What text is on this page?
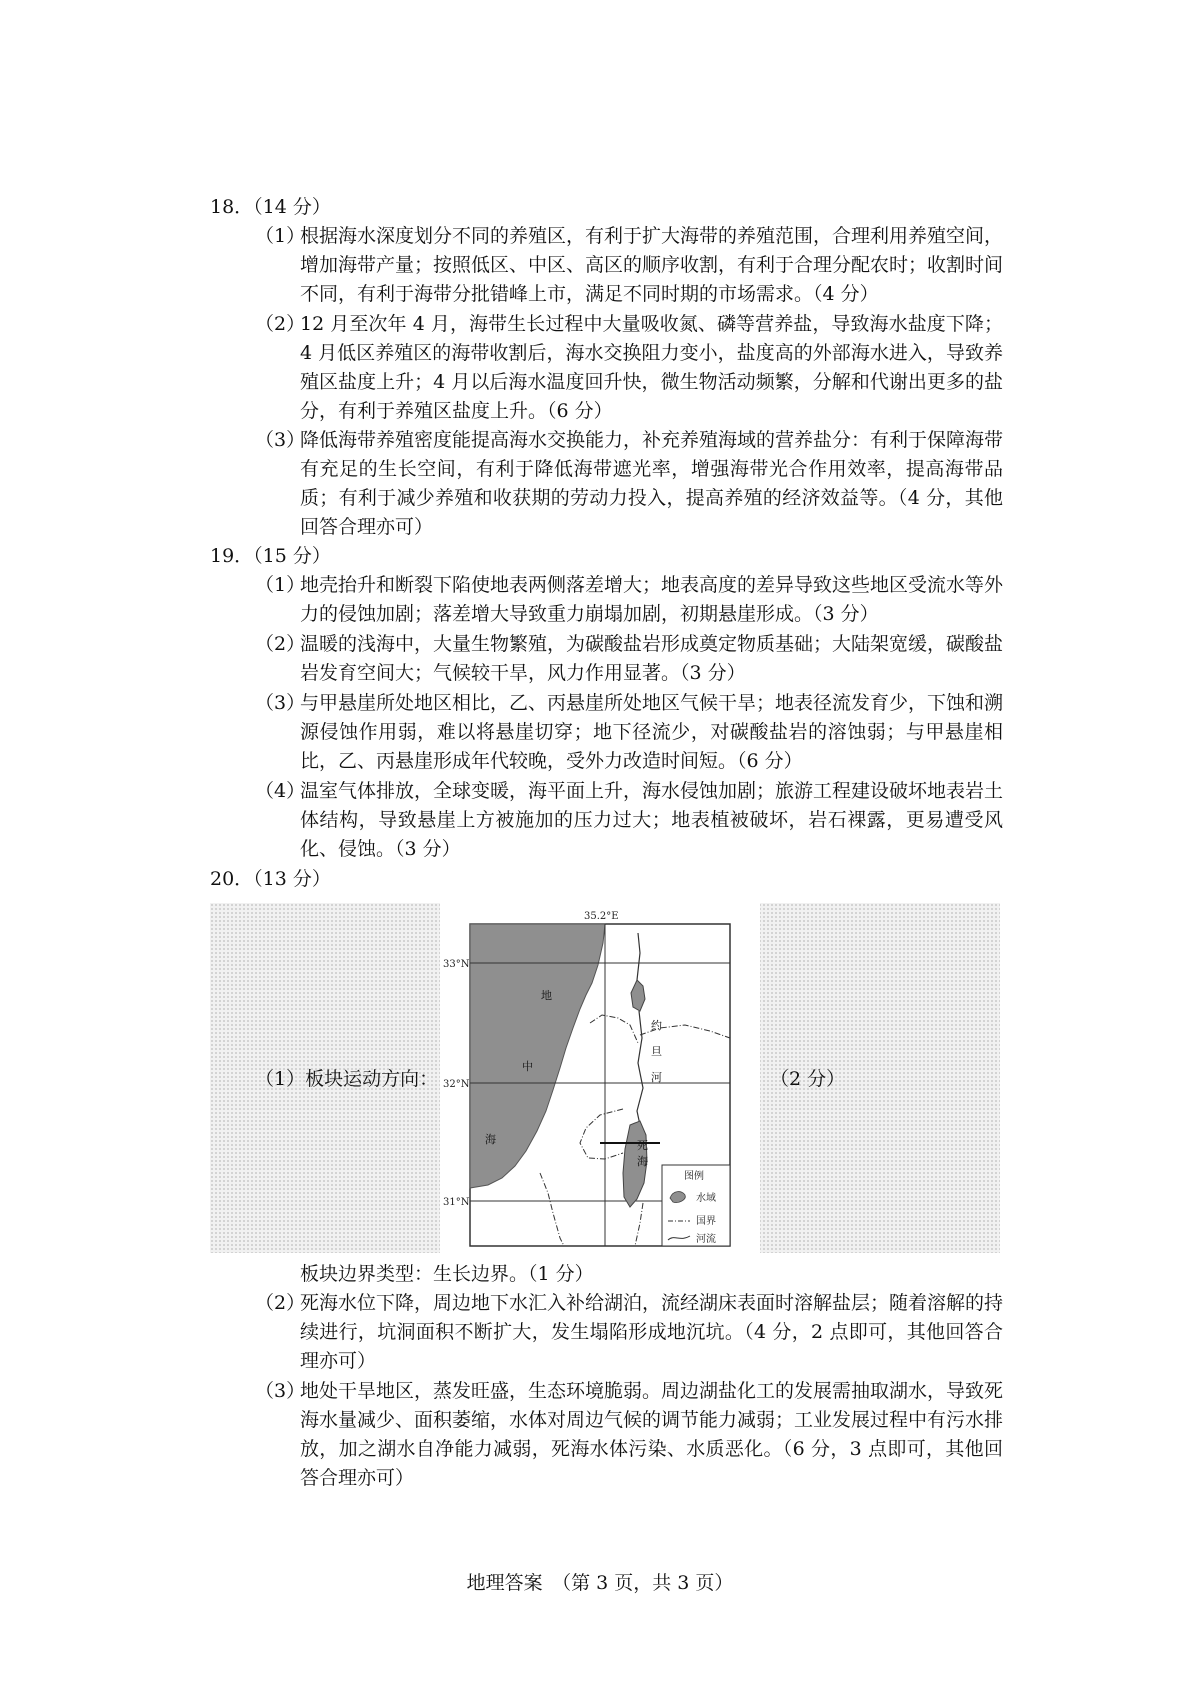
18．（14 分）
（1）
根据海水深度划分不同的养殖区，有利于扩大海带的养殖范围，合理利用养殖空间，增加海带产量；按照低区、中区、高区的顺序收割，有利于合理分配农时；收割时间不同，有利于海带分批错峰上市，满足不同时期的市场需求。（4 分）
（2）
12 月至次年 4 月，海带生长过程中大量吸收氮、磷等营养盐，导致海水盐度下降；4 月低区养殖区的海带收割后，海水交换阻力变小，盐度高的外部海水进入，导致养殖区盐度上升；4 月以后海水温度回升快，微生物活动频繁，分解和代谢出更多的盐分，有利于养殖区盐度上升。（6 分）
（3）
降低海带养殖密度能提高海水交换能力，补充养殖海域的营养盐分：有利于保障海带有充足的生长空间，有利于降低海带遮光率，增强海带光合作用效率，提高海带品质；有利于减少养殖和收获期的劳动力投入，提高养殖的经济效益等。（4 分，其他回答合理亦可）
19．（15 分）
（1）
地壳抬升和断裂下陷使地表两侧落差增大；地表高度的差异导致这些地区受流水等外力的侵蚀加剧；落差增大导致重力崩塌加剧，初期悬崖形成。（3 分）
（2）
温暖的浅海中，大量生物繁殖，为碳酸盐岩形成奠定物质基础；大陆架宽缓，碳酸盐岩发育空间大；气候较干旱，风力作用显著。（3 分）
（3）
与甲悬崖所处地区相比，乙、丙悬崖所处地区气候干旱；地表径流发育少，下蚀和溯源侵蚀作用弱，难以将悬崖切穿；地下径流少，对碳酸盐岩的溶蚀弱；与甲悬崖相比，乙、丙悬崖形成年代较晚，受外力改造时间短。（6 分）
（4）
温室气体排放，全球变暖，海平面上升，海水侵蚀加剧；旅游工程建设破坏地表岩土体结构，导致悬崖上方被施加的压力过大；地表植被破坏，岩石裸露，更易遭受风化、侵蚀。（3 分）
20．（13 分）
（1）板块运动方向：	（2 分）
35.2°E
33°N
32°N
31°N
地
中
海
约
旦
河
死
海
图例
水域
国界
河流
板块边界类型：生长边界。（1 分）
（2）
死海水位下降，周边地下水汇入补给湖泊，流经湖床表面时溶解盐层；随着溶解的持续进行，坑洞面积不断扩大，发生塌陷形成地沉坑。（4 分，2 点即可，其他回答合理亦可）
（3）
地处干旱地区，蒸发旺盛，生态环境脆弱。周边湖盐化工的发展需抽取湖水，导致死海水量减少、面积萎缩，水体对周边气候的调节能力减弱；工业发展过程中有污水排放，加之湖水自净能力减弱，死海水体污染、水质恶化。（6 分，3 点即可，其他回答合理亦可）
地理答案　（第 3 页，共 3 页）
